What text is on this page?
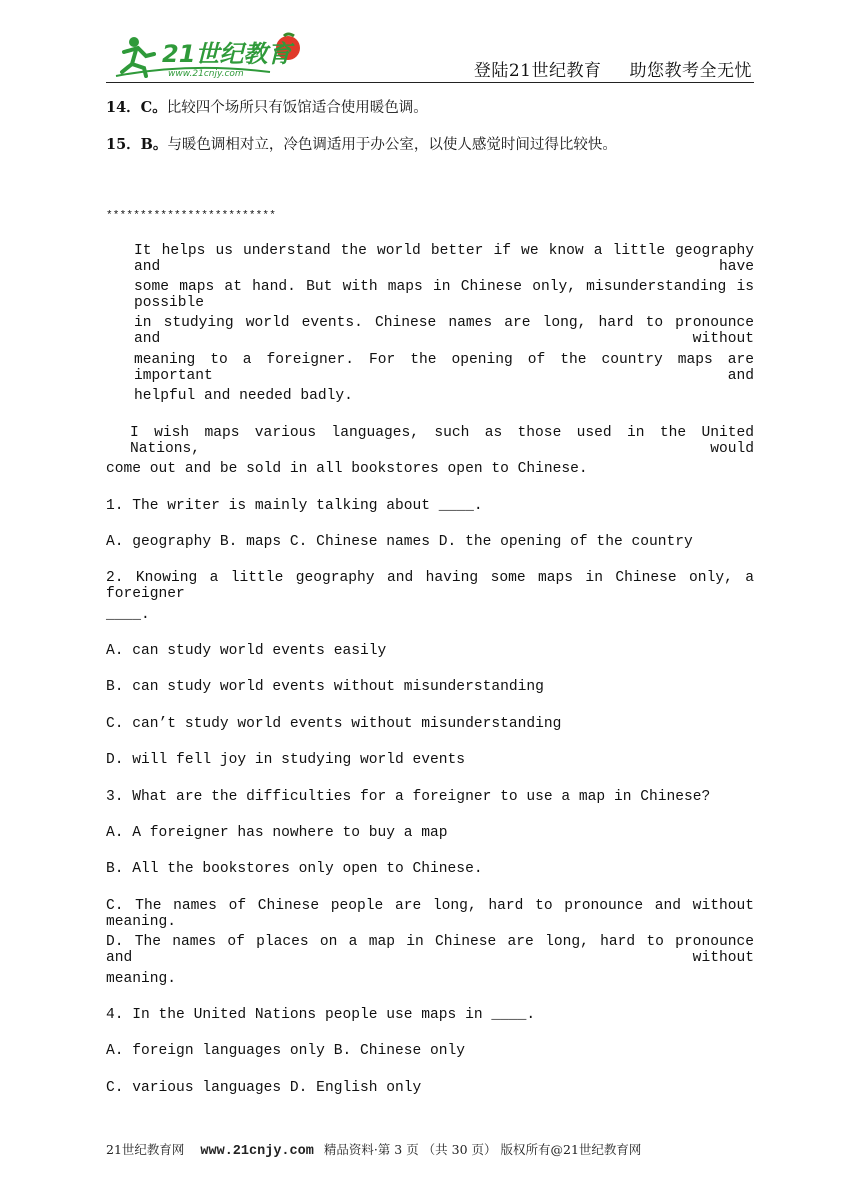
21世纪教育
www.21cnjy.com	登陆21世纪教育 助您教考全无忧
14．C。比较四个场所只有饭馆适合使用暖色调。
15．B。与暖色调相对立，冷色调适用于办公室，以使人感觉时间过得比较快。
*************************
It helps us understand the world better if we know a little geography and have
some maps at hand. But with maps in Chinese only, misunderstanding is possible
in studying world events. Chinese names are long, hard to pronounce and without
meaning to a foreigner. For the opening of the country maps are important and
helpful and needed badly.
I wish maps various languages, such as those used in the United Nations, would
come out and be sold in all bookstores open to Chinese.
1. The writer is mainly talking about ____.
A. geography B. maps C. Chinese names D. the opening of the country
2. Knowing a little geography and having some maps in Chinese only, a foreigner
____.
A. can study world events easily
B. can study world events without misunderstanding
C. can’t study world events without misunderstanding
D. will fell joy in studying world events
3. What are the difficulties for a foreigner to use a map in Chinese?
A. A foreigner has nowhere to buy a map
B. All the bookstores only open to Chinese.
C. The names of Chinese people are long, hard to pronounce and without meaning.
D. The names of places on a map in Chinese are long, hard to pronounce and without
meaning.
4. In the United Nations people use maps in ____.
A. foreign languages only B. Chinese only
C. various languages D. English only
21世纪教育网 www.21cnjy.com 精品资料·第 3 页 （共 30 页） 版权所有@21世纪教育网
